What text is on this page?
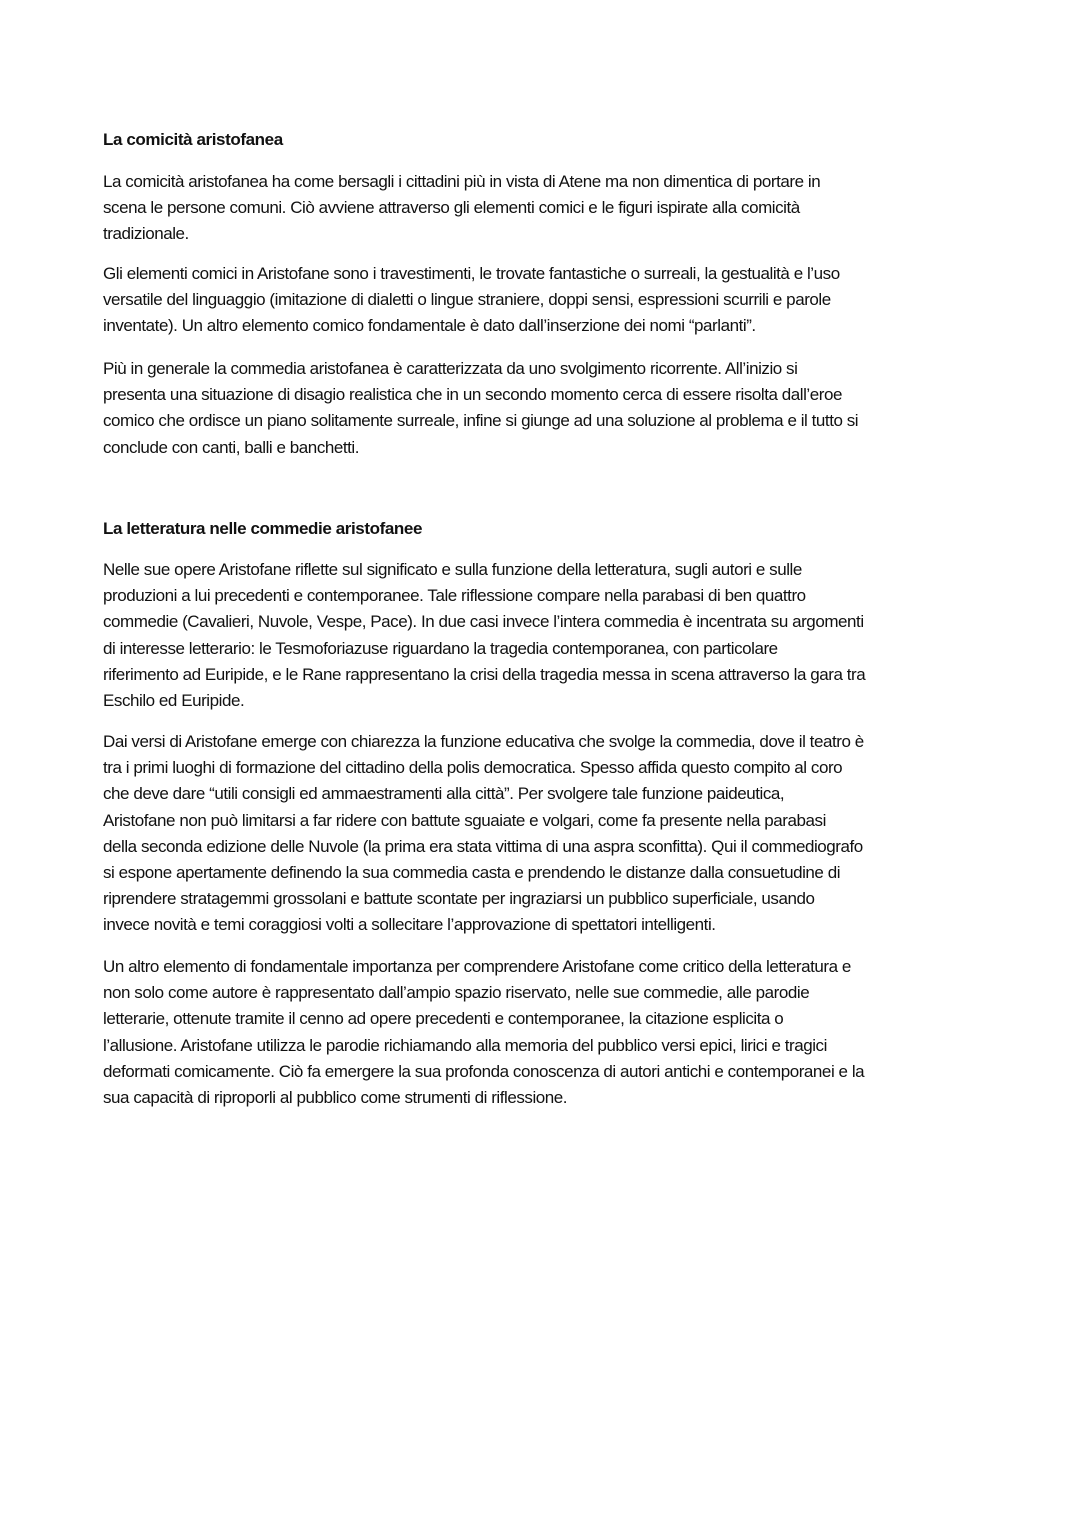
La comicità aristofanea
La comicità aristofanea ha come bersagli i cittadini più in vista di Atene ma non dimentica di portare in
scena le persone comuni. Ciò avviene attraverso gli elementi comici e le figuri ispirate alla comicità
tradizionale.
Gli elementi comici in Aristofane sono i travestimenti, le trovate fantastiche o surreali, la gestualità e l’uso
versatile del linguaggio (imitazione di dialetti o lingue straniere, doppi sensi, espressioni scurrili e parole
inventate). Un altro elemento comico fondamentale è dato dall’inserzione dei nomi “parlanti”.
Più in generale la commedia aristofanea è caratterizzata da uno svolgimento ricorrente. All’inizio si
presenta una situazione di disagio realistica che in un secondo momento cerca di essere risolta dall’eroe
comico che ordisce un piano solitamente surreale, infine si giunge ad una soluzione al problema e il tutto si
conclude con canti, balli e banchetti.
La letteratura nelle commedie aristofanee
Nelle sue opere Aristofane riflette sul significato e sulla funzione della letteratura, sugli autori e sulle
produzioni a lui precedenti e contemporanee. Tale riflessione compare nella parabasi di ben quattro
commedie (Cavalieri, Nuvole, Vespe, Pace). In due casi invece l’intera commedia è incentrata su argomenti
di interesse letterario: le Tesmoforiazuse riguardano la tragedia contemporanea, con particolare
riferimento ad Euripide, e le Rane rappresentano la crisi della tragedia messa in scena attraverso la gara tra
Eschilo ed Euripide.
Dai versi di Aristofane emerge con chiarezza la funzione educativa che svolge la commedia, dove il teatro è
tra i primi luoghi di formazione del cittadino della polis democratica. Spesso affida questo compito al coro
che deve dare “utili consigli ed ammaestramenti alla città”. Per svolgere tale funzione paideutica,
Aristofane non può limitarsi a far ridere con battute sguaiate e volgari, come fa presente nella parabasi
della seconda edizione delle Nuvole (la prima era stata vittima di una aspra sconfitta). Qui il commediografo
si espone apertamente definendo la sua commedia casta e prendendo le distanze dalla consuetudine di
riprendere stratagemmi grossolani e battute scontate per ingraziarsi un pubblico superficiale, usando
invece novità e temi coraggiosi volti a sollecitare l’approvazione di spettatori intelligenti.
Un altro elemento di fondamentale importanza per comprendere Aristofane come critico della letteratura e
non solo come autore è rappresentato dall’ampio spazio riservato, nelle sue commedie, alle parodie
letterarie, ottenute tramite il cenno ad opere precedenti e contemporanee, la citazione esplicita o
l’allusione. Aristofane utilizza le parodie richiamando alla memoria del pubblico versi epici, lirici e tragici
deformati comicamente. Ciò fa emergere la sua profonda conoscenza di autori antichi e contemporanei e la
sua capacità di riproporli al pubblico come strumenti di riflessione.
